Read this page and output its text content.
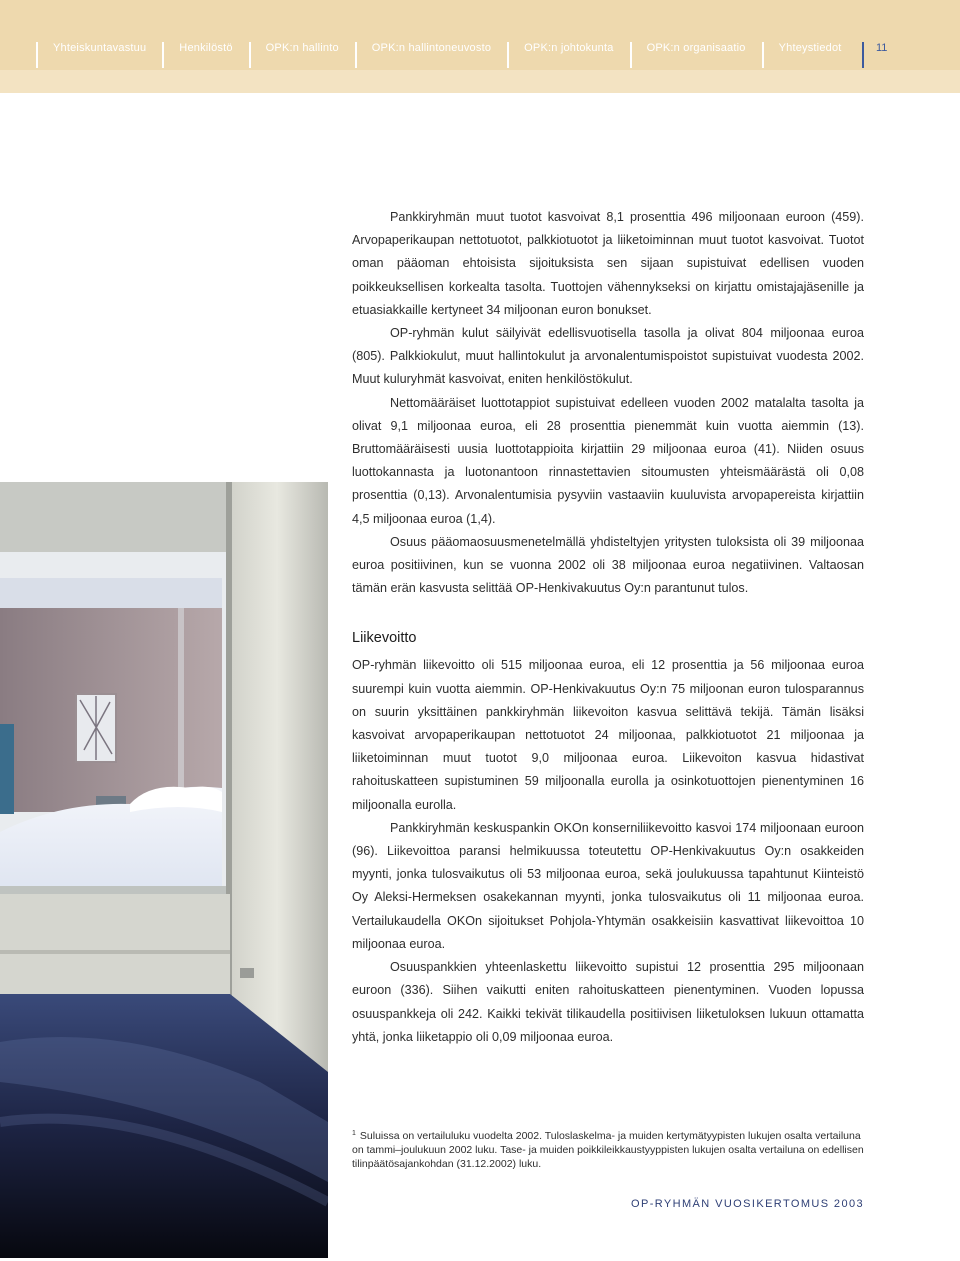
Yhteiskuntavastuu	Henkilöstö	OPK:n hallinto	OPK:n hallintoneuvosto	OPK:n johtokunta	OPK:n organisaatio	Yhteystiedot	11

Pankkiryhmän muut tuotot kasvoivat 8,1 prosenttia 496 miljoonaan euroon (459). Arvopaperikaupan nettotuotot, palkkiotuotot ja liiketoiminnan muut tuotot kasvoivat. Tuotot oman pääoman ehtoisista sijoituksista sen sijaan supistuivat edellisen vuoden poikkeuksellisen korkealta tasolta. Tuottojen vähennykseksi on kirjattu omistajajäsenille ja etuasiakkaille kertyneet 34 miljoonan euron bonukset.

OP-ryhmän kulut säilyivät edellisvuotisella tasolla ja olivat 804 miljoonaa euroa (805). Palkkiokulut, muut hallintokulut ja arvonalentumispoistot supistuivat vuodesta 2002. Muut kuluryhmät kasvoivat, eniten henkilöstökulut.

Nettomääräiset luottotappiot supistuivat edelleen vuoden 2002 matalalta tasolta ja olivat 9,1 miljoonaa euroa, eli 28 prosenttia pienemmät kuin vuotta aiemmin (13). Bruttomääräisesti uusia luottotappioita kirjattiin 29 miljoonaa euroa (41). Niiden osuus luottokannasta ja luotonantoon rinnastettavien sitoumusten yhteismäärästä oli 0,08 prosenttia (0,13). Arvonalentumisia pysyviin vastaaviin kuuluvista arvopapereista kirjattiin 4,5 miljoonaa euroa (1,4).

Osuus pääomaosuusmenetelmällä yhdisteltyjen yritysten tuloksista oli 39 miljoonaa euroa positiivinen, kun se vuonna 2002 oli 38 miljoonaa euroa negatiivinen. Valtaosan tämän erän kasvusta selittää OP-Henkivakuutus Oy:n parantunut tulos.

Liikevoitto

OP-ryhmän liikevoitto oli 515 miljoonaa euroa, eli 12 prosenttia ja 56 miljoonaa euroa suurempi kuin vuotta aiemmin. OP-Henkivakuutus Oy:n 75 miljoonan euron tulosparannus on suurin yksittäinen pankkiryhmän liikevoiton kasvua selittävä tekijä. Tämän lisäksi kasvoivat arvopaperikaupan nettotuotot 24 miljoonaa, palkkiotuotot 21 miljoonaa ja liiketoiminnan muut tuotot 9,0 miljoonaa euroa. Liikevoiton kasvua hidastivat rahoituskatteen supistuminen 59 miljoonalla eurolla ja osinkotuottojen pienentyminen 16 miljoonalla eurolla.

Pankkiryhmän keskuspankin OKOn konserniliikevoitto kasvoi 174 miljoonaan euroon (96). Liikevoittoa paransi helmikuussa toteutettu OP-Henkivakuutus Oy:n osakkeiden myynti, jonka tulosvaikutus oli 53 miljoonaa euroa, sekä joulukuussa tapahtunut Kiinteistö Oy Aleksi-Hermeksen osakekannan myynti, jonka tulosvaikutus oli 11 miljoonaa euroa. Vertailukaudella OKOn sijoitukset Pohjola-Yhtymän osakkeisiin kasvattivat liikevoittoa 10 miljoonaa euroa.

Osuuspankkien yhteenlaskettu liikevoitto supistui 12 prosenttia 295 miljoonaan euroon (336). Siihen vaikutti eniten rahoituskatteen pienentyminen. Vuoden lopussa osuuspankkeja oli 242. Kaikki tekivät tilikaudella positiivisen liiketuloksen lukuun ottamatta yhtä, jonka liiketappio oli 0,09 miljoonaa euroa.

$^1$ Suluissa on vertailuluku vuodelta 2002. Tuloslaskelma- ja muiden kertymätyypisten lukujen osalta vertailuna on tammi–joulukuun 2002 luku. Tase- ja muiden poikkileikkaustyyppisten lukujen osalta vertailuna on edellisen tilinpäätösajankohdan (31.12.2002) luku.
OP-RYHMÄN VUOSIKERTOMUS 2003
